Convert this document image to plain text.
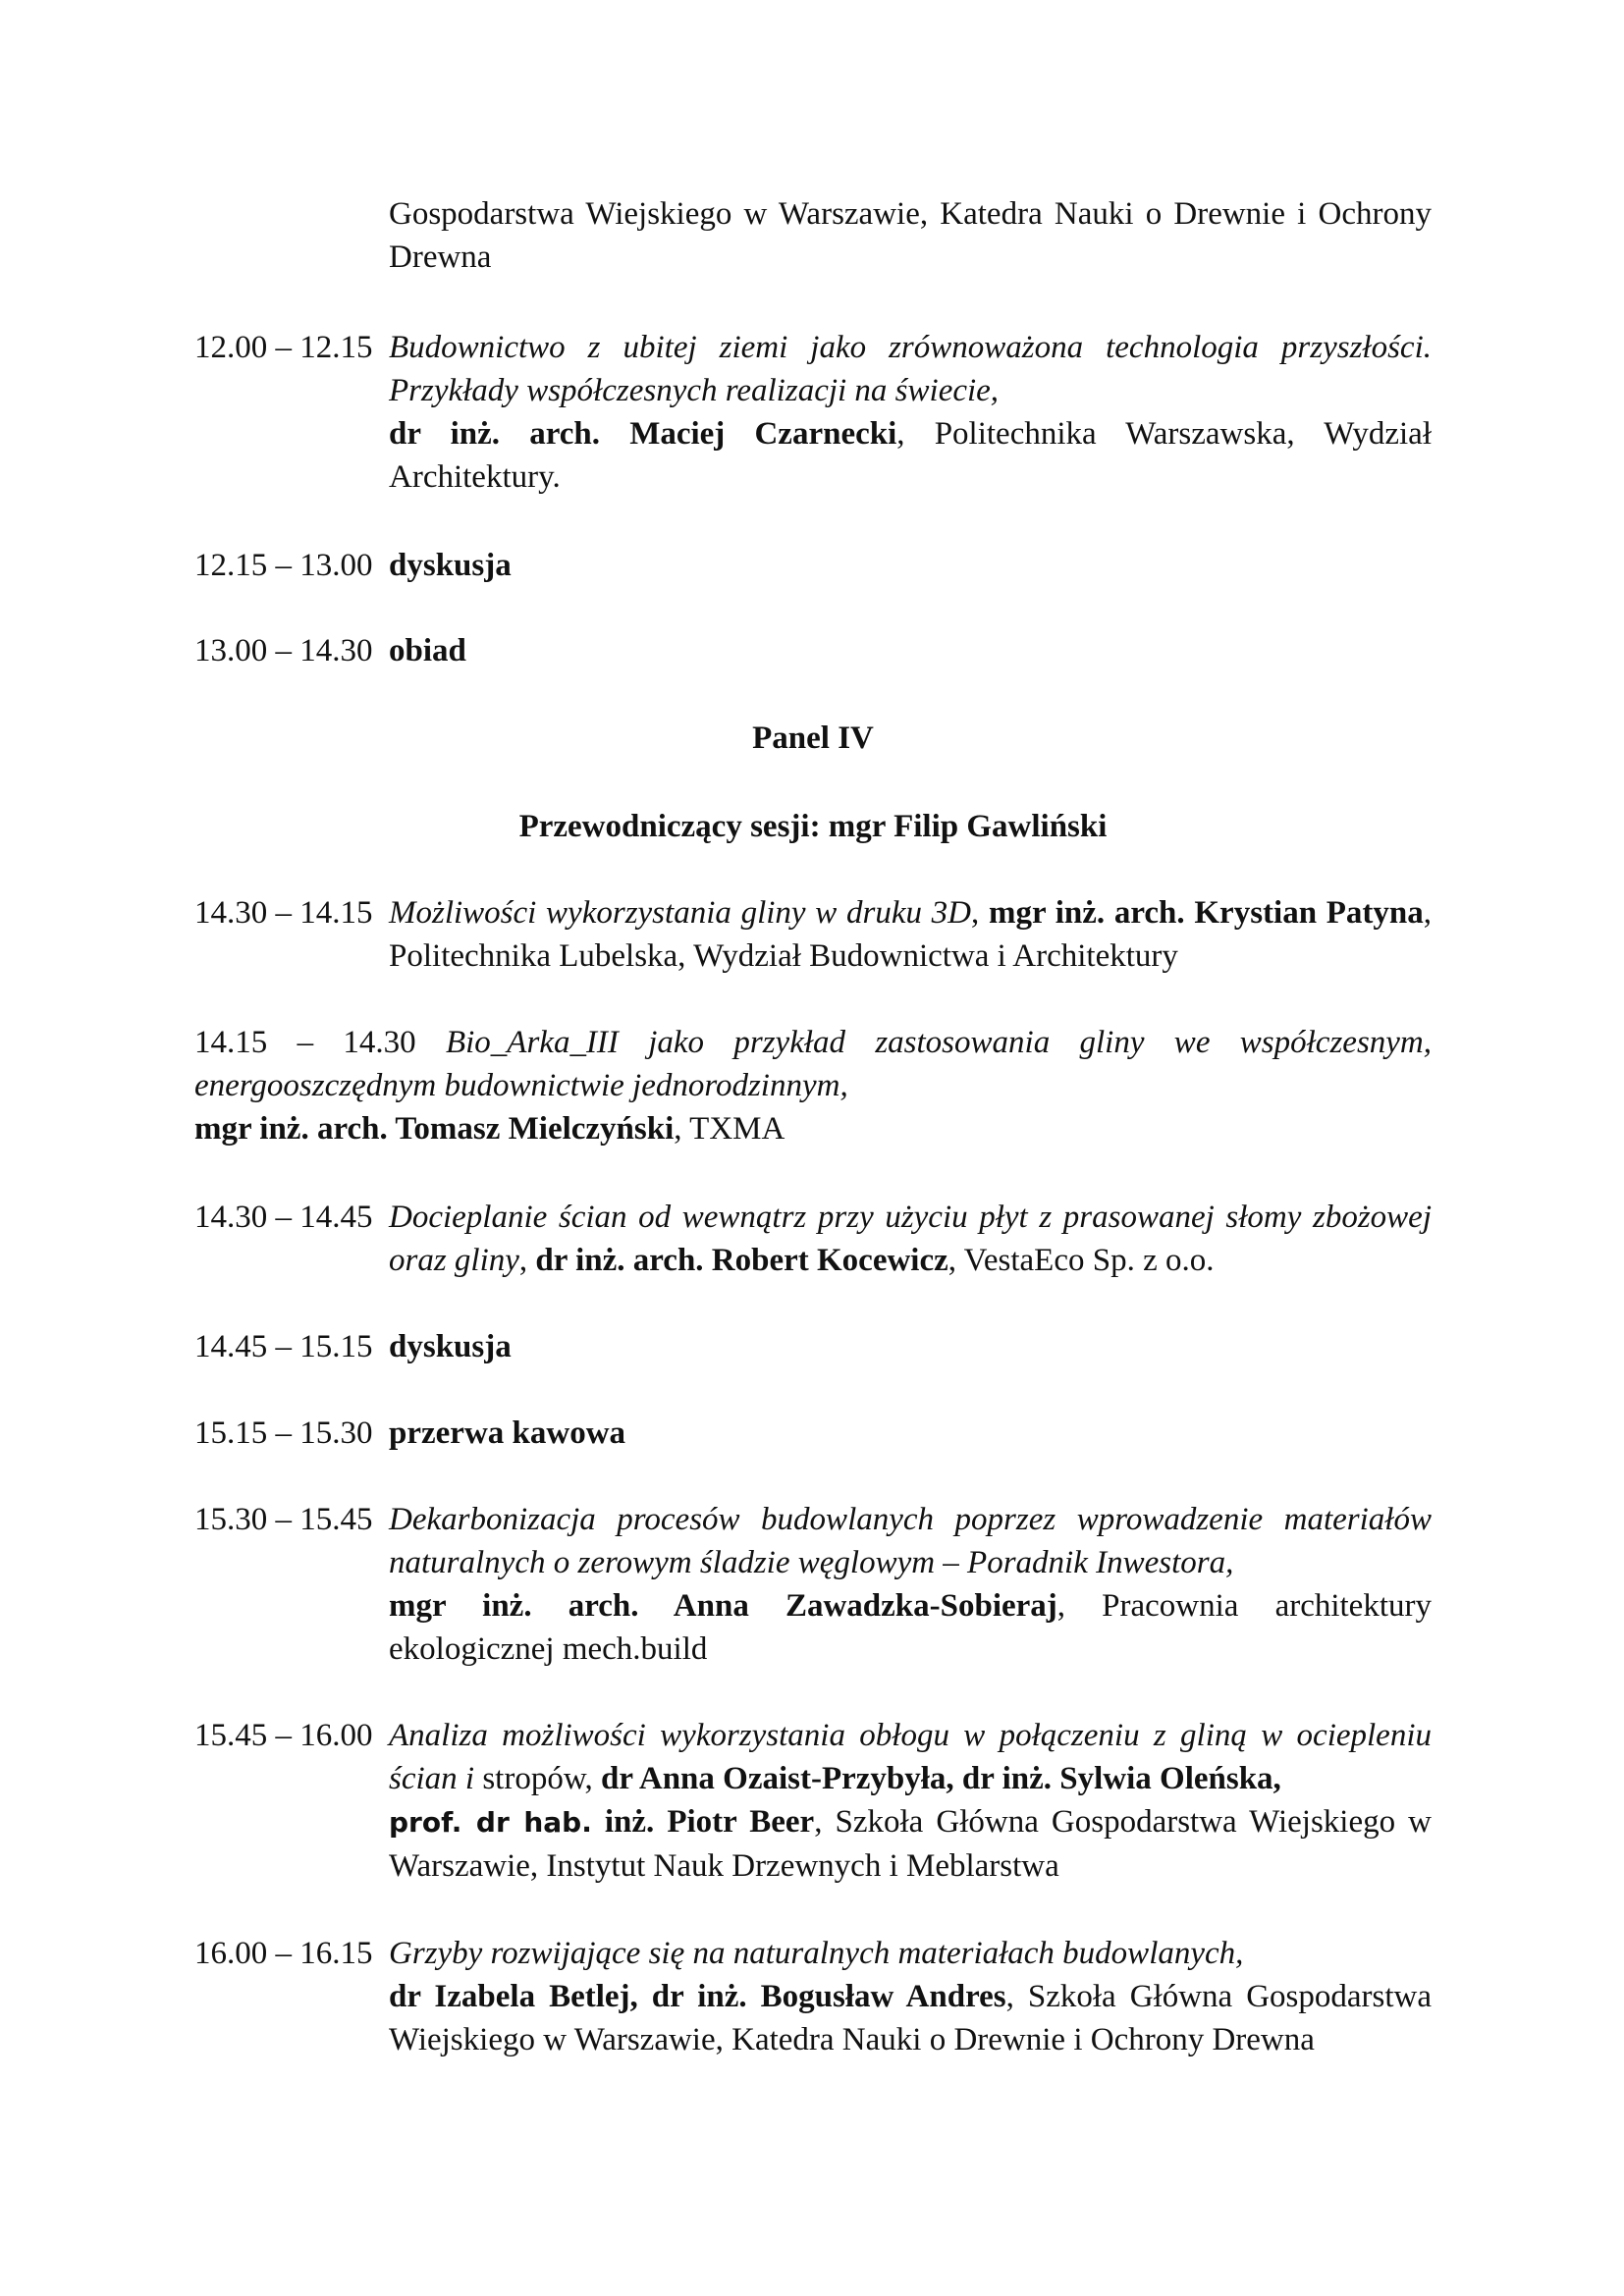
Gospodarstwa Wiejskiego w Warszawie, Katedra Nauki o Drewnie i Ochrony Drewna
12.00 – 12.15 Budownictwo z ubitej ziemi jako zrównoważona technologia przyszłości. Przykłady współczesnych realizacji na świecie,
dr inż. arch. Maciej Czarnecki, Politechnika Warszawska, Wydział Architektury.
12.15 – 13.00 dyskusja
13.00 – 14.30 obiad
Panel IV
Przewodniczący sesji: mgr Filip Gawliński
14.30 – 14.15 Możliwości wykorzystania gliny w druku 3D, mgr inż. arch. Krystian Patyna, Politechnika Lubelska, Wydział Budownictwa i Architektury
14.15 – 14.30 Bio_Arka_III jako przykład zastosowania gliny we współczesnym, energooszczędnym budownictwie jednorodzinnym,
mgr inż. arch. Tomasz Mielczyński, TXMA
14.30 – 14.45 Docieplanie ścian od wewnątrz przy użyciu płyt z prasowanej słomy zbożowej oraz gliny, dr inż. arch. Robert Kocewicz, VestaEco Sp. z o.o.
14.45 – 15.15 dyskusja
15.15 – 15.30 przerwa kawowa
15.30 – 15.45 Dekarbonizacja procesów budowlanych poprzez wprowadzenie materiałów naturalnych o zerowym śladzie węglowym – Poradnik Inwestora,
mgr inż. arch. Anna Zawadzka-Sobieraj, Pracownia architektury ekologicznej mech.build
15.45 – 16.00 Analiza możliwości wykorzystania obłogu w połączeniu z gliną w ociepleniu ścian i stropów, dr Anna Ozaist-Przybyła, dr inż. Sylwia Oleńska,
prof. dr hab. inż. Piotr Beer, Szkoła Główna Gospodarstwa Wiejskiego w Warszawie, Instytut Nauk Drzewnych i Meblarstwa
16.00 – 16.15 Grzyby rozwijające się na naturalnych materiałach budowlanych,
dr Izabela Betlej, dr inż. Bogusław Andres, Szkoła Główna Gospodarstwa Wiejskiego w Warszawie, Katedra Nauki o Drewnie i Ochrony Drewna
